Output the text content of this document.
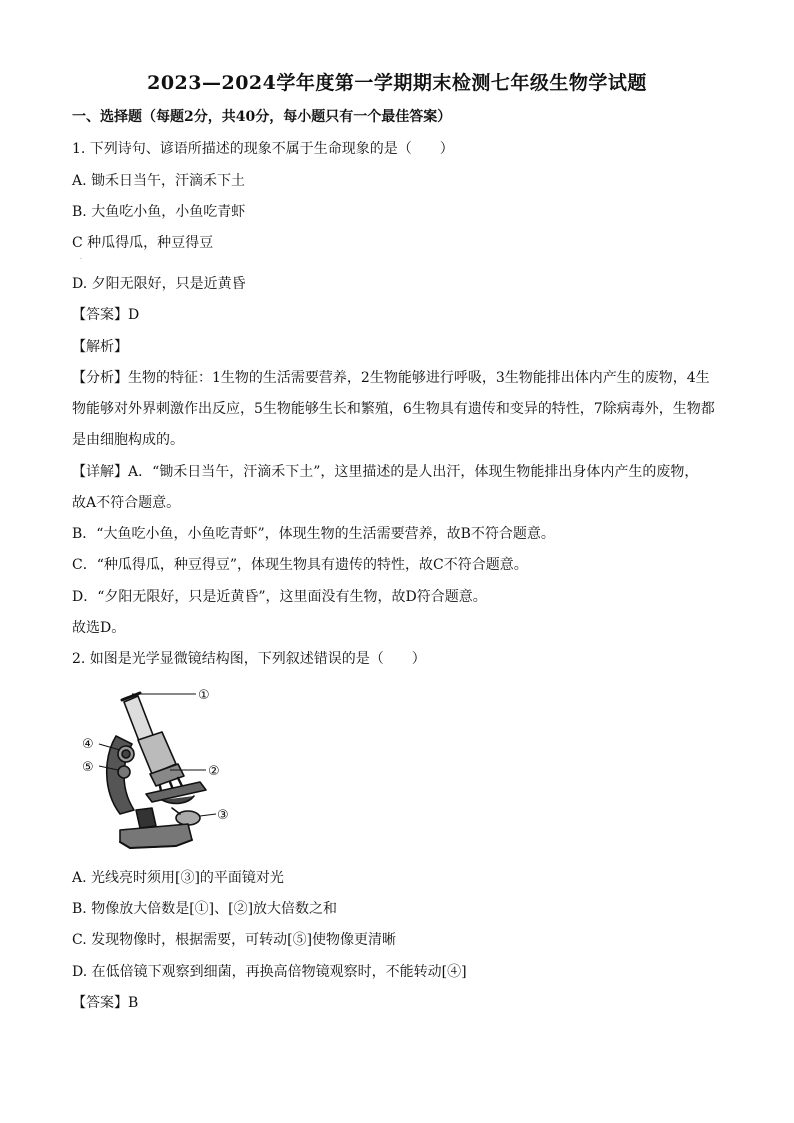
2023—2024学年度第一学期期末检测七年级生物学试题
一、选择题（每题2分，共40分，每小题只有一个最佳答案）
1. 下列诗句、谚语所描述的现象不属于生命现象的是（　　）
A. 锄禾日当午，汗滴禾下土
B. 大鱼吃小鱼，小鱼吃青虾
C 种瓜得瓜，种豆得豆
·
D. 夕阳无限好，只是近黄昏
【答案】D
【解析】
【分析】生物的特征：1生物的生活需要营养，2生物能够进行呼吸，3生物能排出体内产生的废物，4生
物能够对外界刺激作出反应，5生物能够生长和繁殖，6生物具有遗传和变异的特性，7除病毒外，生物都
是由细胞构成的。
【详解】A．“锄禾日当午，汗滴禾下土”，这里描述的是人出汗，体现生物能排出身体内产生的废物，
故A不符合题意。
B．“大鱼吃小鱼，小鱼吃青虾”，体现生物的生活需要营养，故B不符合题意。
C．“种瓜得瓜，种豆得豆”，体现生物具有遗传的特性，故C不符合题意。
D．“夕阳无限好，只是近黄昏”，这里面没有生物，故D符合题意。
故选D。
2. 如图是光学显微镜结构图，下列叙述错误的是（　　）
①
②
③
④
⑤
A. 光线亮时须用[③]的平面镜对光
B. 物像放大倍数是[①]、[②]放大倍数之和
C. 发现物像时，根据需要，可转动[⑤]使物像更清晰
D. 在低倍镜下观察到细菌，再换高倍物镜观察时，不能转动[④]
【答案】B
